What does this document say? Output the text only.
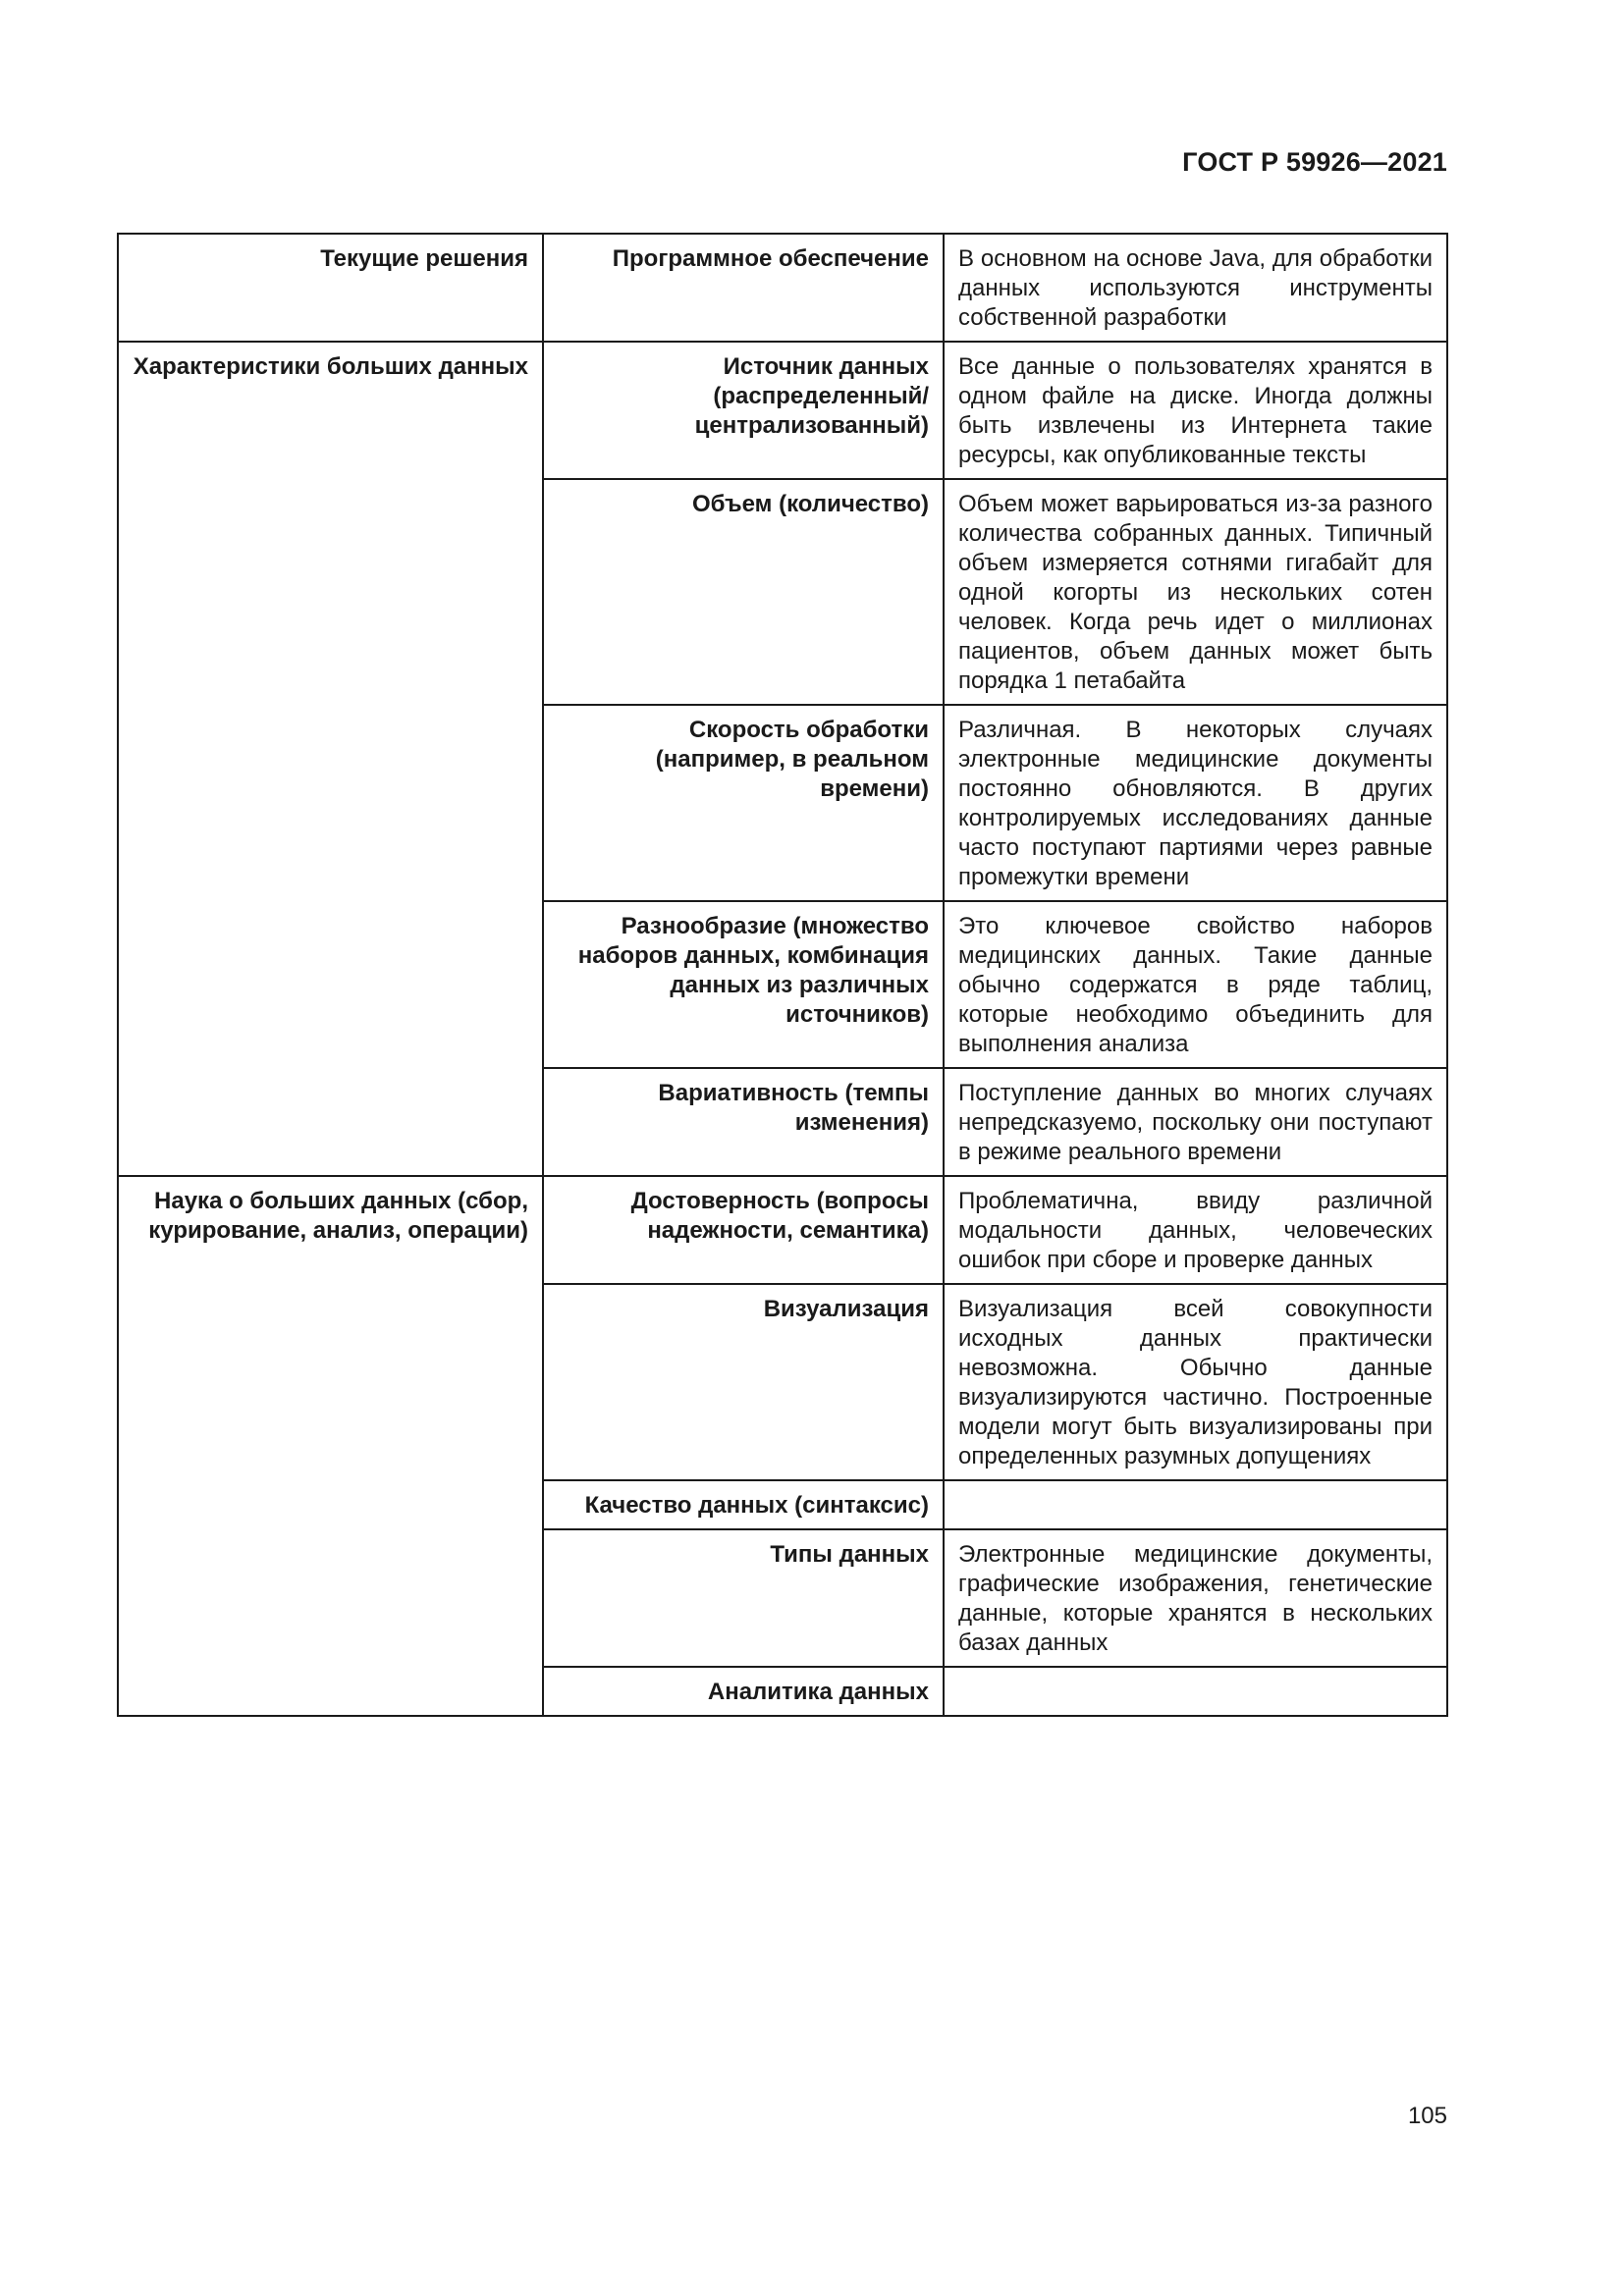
ГОСТ Р 59926—2021
Текущие решения	Программное обеспечение	В основном на основе Java, для обработки данных используются инструменты собственной разработки
Характеристики больших данных	Источник данных (распределенный/ централизованный)	Все данные о пользователях хранятся в одном файле на диске. Иногда должны быть извлечены из Интернета такие ресурсы, как опубликованные тексты
	Объем (количество)	Объем может варьироваться из-за разного количества собранных данных. Типичный объем измеряется сотнями гигабайт для одной когорты из нескольких сотен человек. Когда речь идет о миллионах пациентов, объем данных может быть порядка 1 петабайта
	Скорость обработки (например, в реальном времени)	Различная. В некоторых случаях электронные медицинские документы постоянно обновляются. В других контролируемых исследованиях данные часто поступают партиями через равные промежутки времени
	Разнообразие (множество наборов данных, комбинация данных из различных источников)	Это ключевое свойство наборов медицинских данных. Такие данные обычно содержатся в ряде таблиц, которые необходимо объединить для выполнения анализа
	Вариативность (темпы изменения)	Поступление данных во многих случаях непредсказуемо, поскольку они поступают в режиме реального времени
Наука о больших данных (сбор, курирование, анализ, операции)	Достоверность (вопросы надежности, семантика)	Проблематична, ввиду различной модальности данных, человеческих ошибок при сборе и проверке данных
	Визуализация	Визуализация всей совокупности исходных данных практически невозможна. Обычно данные визуализируются частично. Построенные модели могут быть визуализированы при определенных разумных допущениях
	Качество данных (синтаксис)	
	Типы данных	Электронные медицинские документы, графические изображения, генетические данные, которые хранятся в нескольких базах данных
	Аналитика данных	
105
